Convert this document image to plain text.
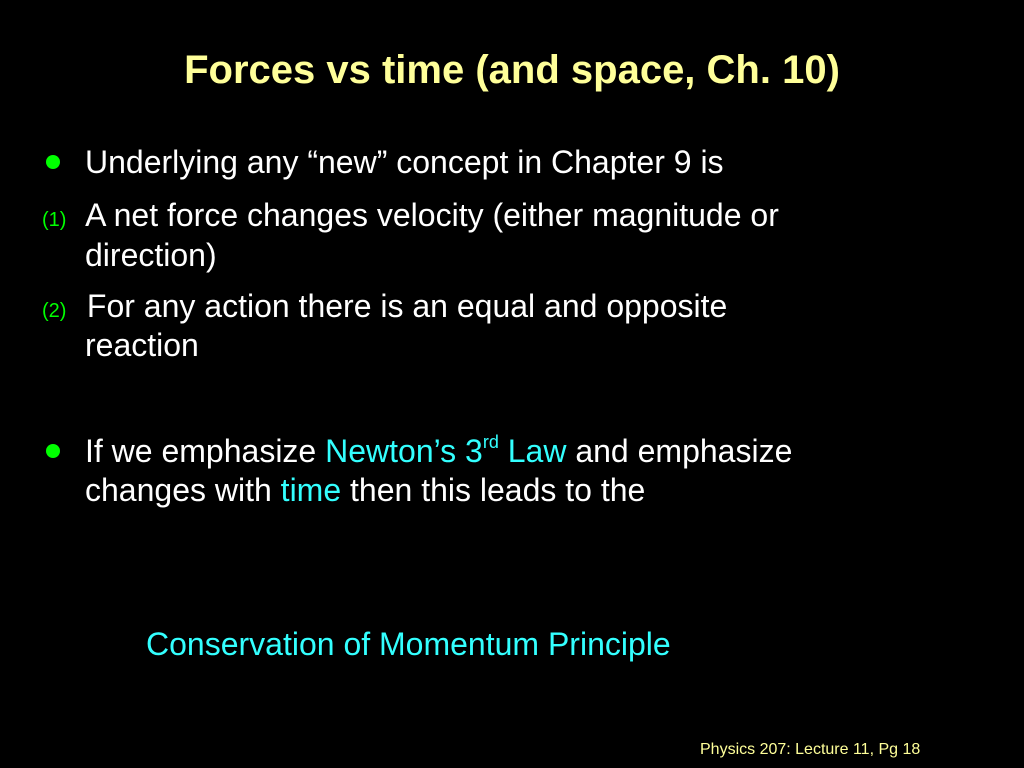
Forces vs time (and space, Ch. 10)
Underlying any “new” concept in Chapter 9 is
(1) A net force changes velocity (either magnitude or
direction)
(2) For any action there is an equal and opposite
reaction
If we emphasize Newton’s 3rd Law and emphasize
changes with time then this leads to the
Conservation of Momentum Principle
Physics 207: Lecture 11, Pg 18
